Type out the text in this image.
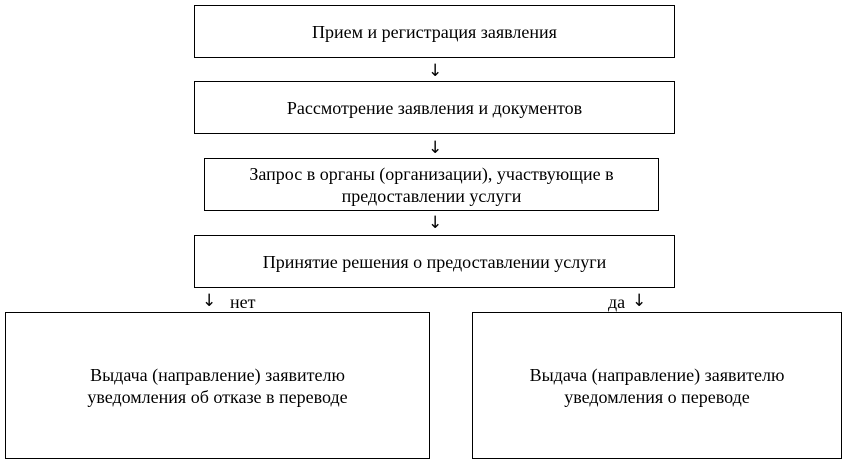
Прием и регистрация заявления
↓
Рассмотрение заявления и документов
↓
Запрос в органы (организации), участвующие в
предоставлении услуги
↓
Принятие решения о предоставлении услуги
↓ нет	да ↓
Выдача (направление) заявителю
уведомления об отказе в переводе
Выдача (направление) заявителю
уведомления о переводе
